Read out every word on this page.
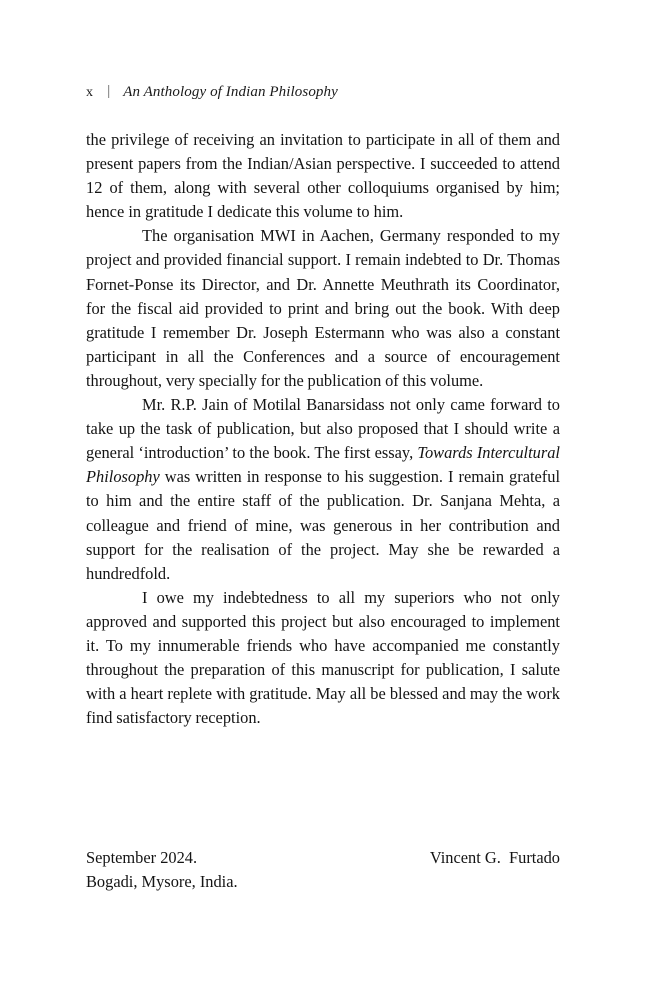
x | An Anthology of Indian Philosophy

the privilege of receiving an invitation to participate in all of them and present papers from the Indian/Asian perspective. I succeeded to attend 12 of them, along with several other colloquiums organised by him; hence in gratitude I dedicate this volume to him.

The organisation MWI in Aachen, Germany responded to my project and provided financial support. I remain indebted to Dr. Thomas Fornet-Ponse its Director, and Dr. Annette Meuthrath its Coordinator, for the fiscal aid provided to print and bring out the book. With deep gratitude I remember Dr. Joseph Estermann who was also a constant participant in all the Conferences and a source of encouragement throughout, very specially for the publication of this volume.

Mr. R.P. Jain of Motilal Banarsidass not only came forward to take up the task of publication, but also proposed that I should write a general ‘introduction’ to the book. The first essay, Towards Intercultural Philosophy was written in response to his suggestion. I remain grateful to him and the entire staff of the publication. Dr. Sanjana Mehta, a colleague and friend of mine, was generous in her contribution and support for the realisation of the project. May she be rewarded a hundredfold.

I owe my indebtedness to all my superiors who not only approved and supported this project but also encouraged to implement it. To my innumerable friends who have accompanied me constantly throughout the preparation of this manuscript for publication, I salute with a heart replete with gratitude. May all be blessed and may the work find satisfactory reception.

September 2024.	Vincent G.  Furtado
Bogadi, Mysore, India.
